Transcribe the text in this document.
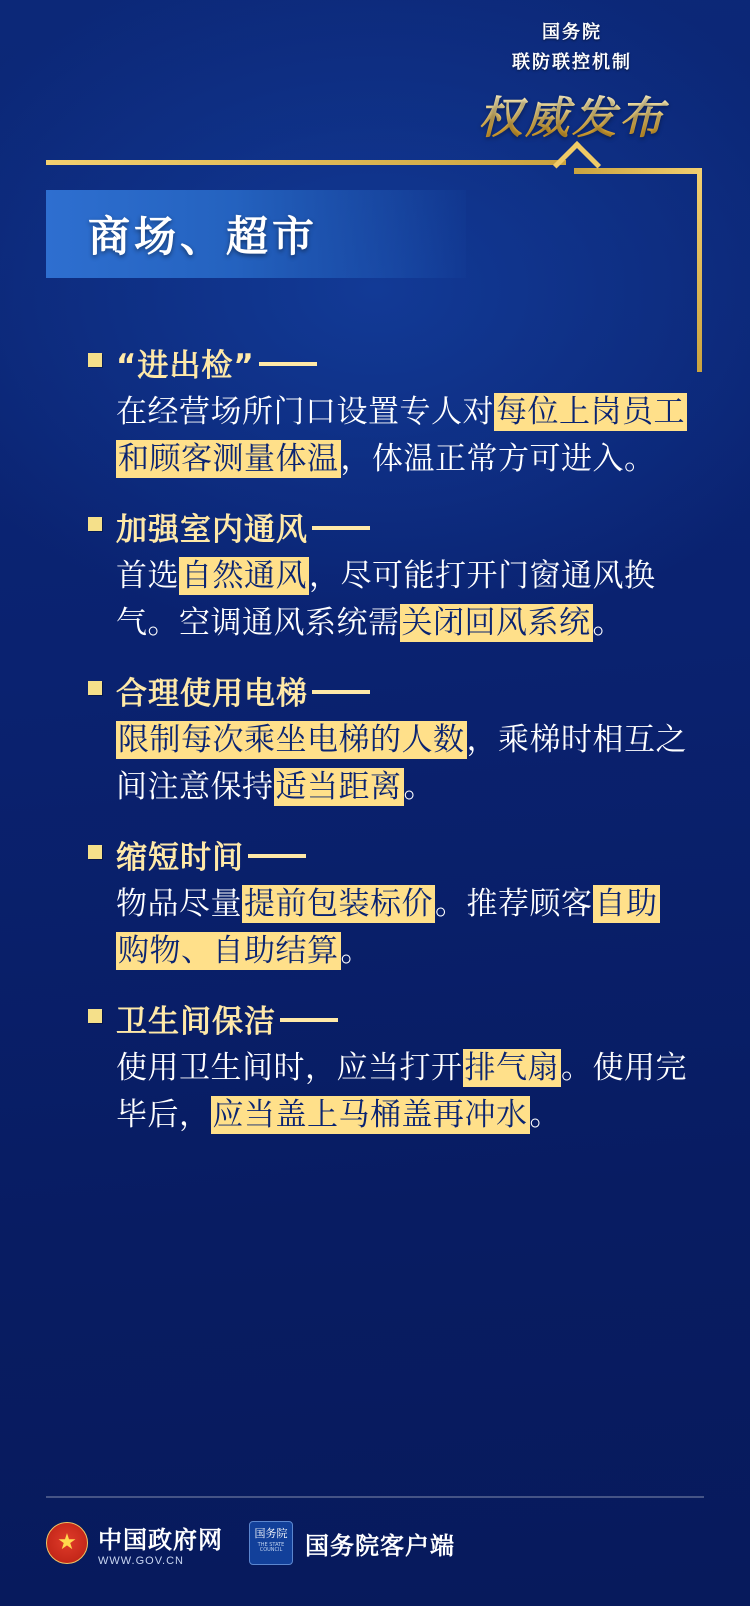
国务院
联防联控机制
权威发布
商场、超市
“进出检”
在经营场所门口设置专人对每位上岗员工和顾客测量体温，体温正常方可进入。
加强室内通风
首选自然通风，尽可能打开门窗通风换气。空调通风系统需关闭回风系统。
合理使用电梯
限制每次乘坐电梯的人数，乘梯时相互之间注意保持适当距离。
缩短时间
物品尽量提前包装标价。推荐顾客自助购物、自助结算。
卫生间保洁
使用卫生间时，应当打开排气扇。使用完毕后，应当盖上马桶盖再冲水。
★ 中国政府网
WWW.GOV.CN
国务院
THE STATE COUNCIL 国务院客户端
